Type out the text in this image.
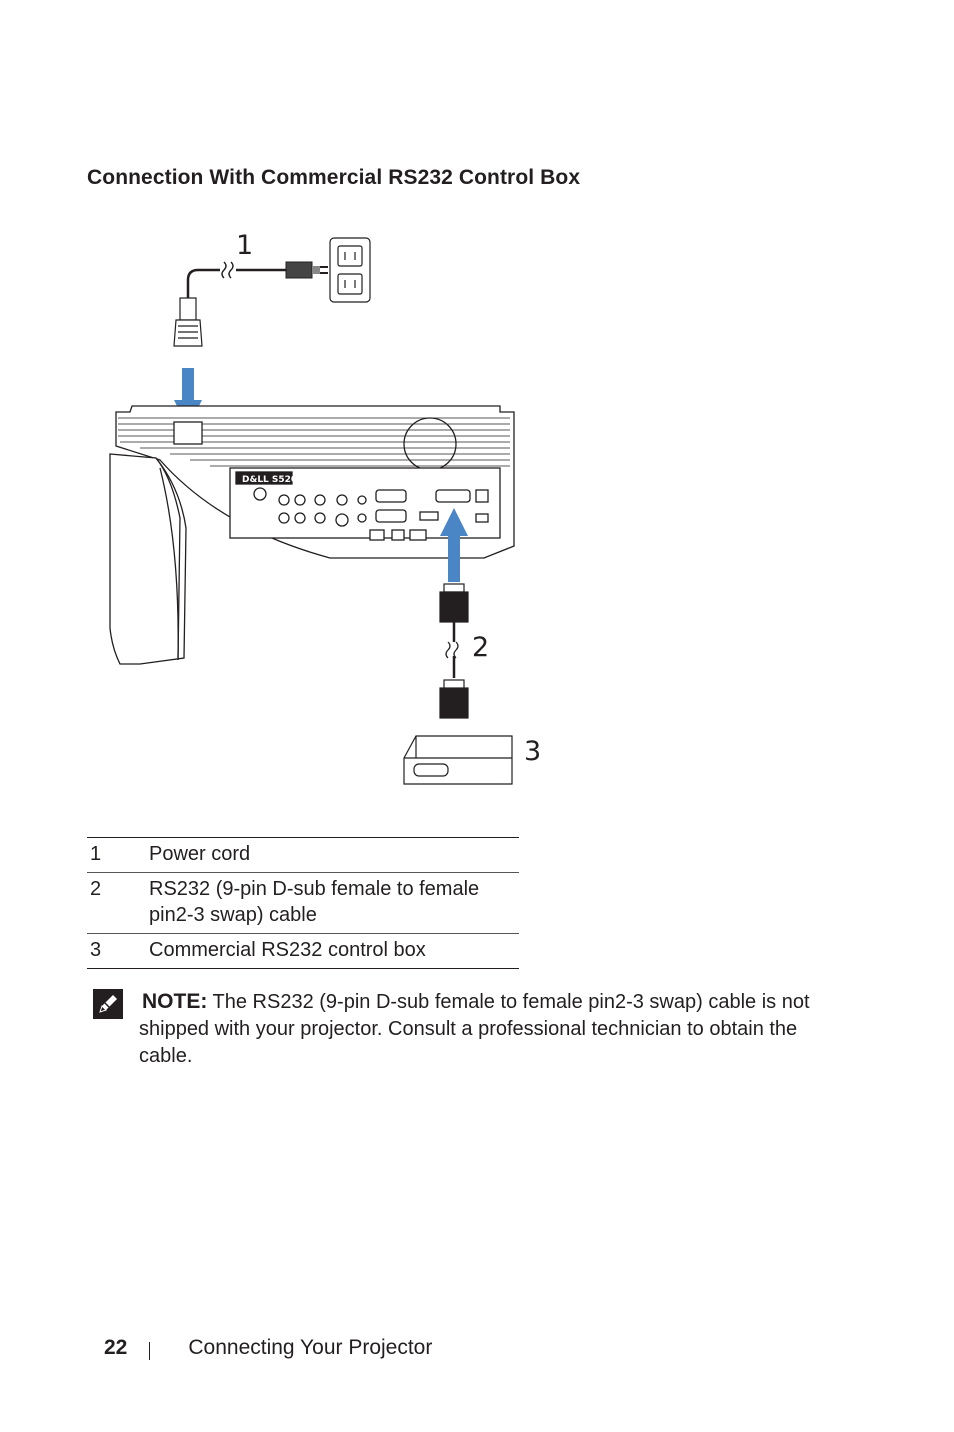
Connection With Commercial RS232 Control Box
D&LL S520
1
2
3
1	Power cord
2	RS232 (9-pin D-sub female to female pin2-3 swap) cable
3	Commercial RS232 control box
NOTE: The RS232 (9-pin D-sub female to female pin2-3 swap) cable is not shipped with your projector. Consult a professional technician to obtain the cable.
22	Connecting Your Projector
